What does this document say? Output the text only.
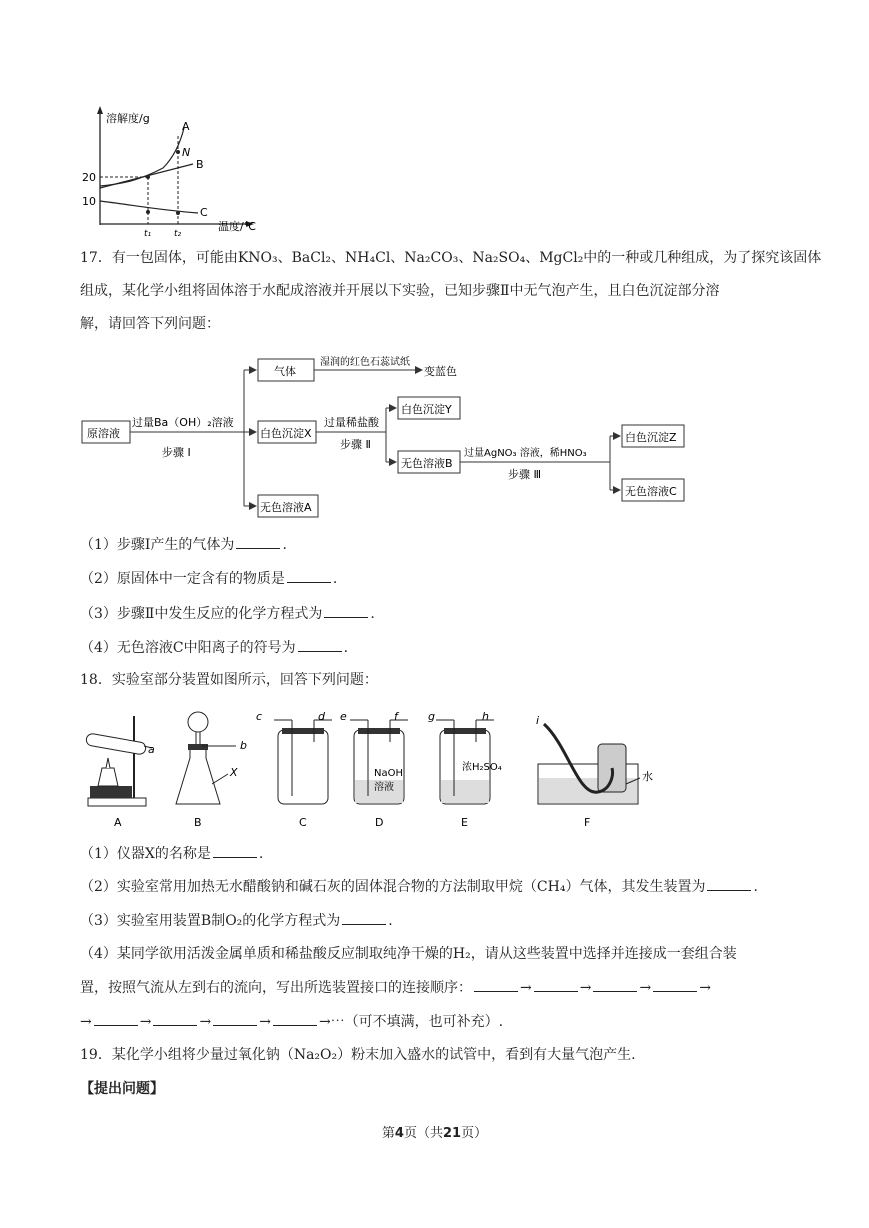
溶解度/g
温度/℃
20
10
A
N
B
C
t₁	t₂
17．有一包固体，可能由KNO₃、BaCl₂、NH₄Cl、Na₂CO₃、Na₂SO₄、MgCl₂中的一种或几种组成，为了探究该固体
组成，某化学小组将固体溶于水配成溶液并开展以下实验，已知步骤Ⅱ中无气泡产生，且白色沉淀部分溶
解，请回答下列问题：
原溶液
过量Ba（OH）₂溶液
步骤 Ⅰ
气体
湿润的红色石蕊试纸
变蓝色
白色沉淀X
过量稀盐酸
步骤 Ⅱ
白色沉淀Y
无色溶液B
过量AgNO₃ 溶液，稀HNO₃
步骤 Ⅲ
白色沉淀Z
无色溶液C
无色溶液A
（1）步骤Ⅰ产生的气体为	.
（2）原固体中一定含有的物质是	.
（3）步骤Ⅱ中发生反应的化学方程式为	.
（4）无色溶液C中阳离子的符号为	.
18．实验室部分装置如图所示，回答下列问题：
a	b
X
c	d e	f
NaOH
溶液
g	h
浓H₂SO₄
i
水
A	B	C	D	E	F
（1）仪器X的名称是	.
（2）实验室常用加热无水醋酸钠和碱石灰的固体混合物的方法制取甲烷（CH₄）气体，其发生装置为	.
（3）实验室用装置B制O₂的化学方程式为	.
（4）某同学欲用活泼金属单质和稀盐酸反应制取纯净干燥的H₂，请从这些装置中选择并连接成一套组合装
置，按照气流从左到右的流向，写出所选装置接口的连接顺序：	→	→	→	→
→	→	→	→	→⋯（可不填满，也可补充）.
19．某化学小组将少量过氧化钠（Na₂O₂）粉末加入盛水的试管中，看到有大量气泡产生.
【提出问题】
第4页（共21页）
